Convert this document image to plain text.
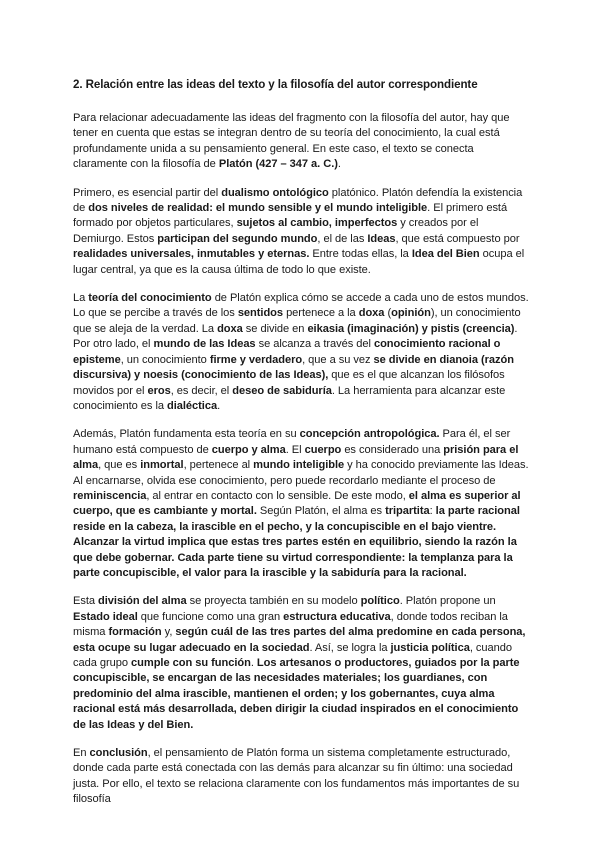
2. Relación entre las ideas del texto y la filosofía del autor correspondiente

Para relacionar adecuadamente las ideas del fragmento con la filosofía del autor, hay que tener en cuenta que estas se integran dentro de su teoría del conocimiento, la cual está profundamente unida a su pensamiento general. En este caso, el texto se conecta claramente con la filosofía de Platón (427 – 347 a. C.).

Primero, es esencial partir del dualismo ontológico platónico. Platón defendía la existencia de dos niveles de realidad: el mundo sensible y el mundo inteligible. El primero está formado por objetos particulares, sujetos al cambio, imperfectos y creados por el Demiurgo. Estos participan del segundo mundo, el de las Ideas, que está compuesto por realidades universales, inmutables y eternas. Entre todas ellas, la Idea del Bien ocupa el lugar central, ya que es la causa última de todo lo que existe.

La teoría del conocimiento de Platón explica cómo se accede a cada uno de estos mundos. Lo que se percibe a través de los sentidos pertenece a la doxa (opinión), un conocimiento que se aleja de la verdad. La doxa se divide en eikasia (imaginación) y pistis (creencia). Por otro lado, el mundo de las Ideas se alcanza a través del conocimiento racional o episteme, un conocimiento firme y verdadero, que a su vez se divide en dianoia (razón discursiva) y noesis (conocimiento de las Ideas), que es el que alcanzan los filósofos movidos por el eros, es decir, el deseo de sabiduría. La herramienta para alcanzar este conocimiento es la dialéctica.

Además, Platón fundamenta esta teoría en su concepción antropológica. Para él, el ser humano está compuesto de cuerpo y alma. El cuerpo es considerado una prisión para el alma, que es inmortal, pertenece al mundo inteligible y ha conocido previamente las Ideas. Al encarnarse, olvida ese conocimiento, pero puede recordarlo mediante el proceso de reminiscencia, al entrar en contacto con lo sensible. De este modo, el alma es superior al cuerpo, que es cambiante y mortal. Según Platón, el alma es tripartita: la parte racional reside en la cabeza, la irascible en el pecho, y la concupiscible en el bajo vientre. Alcanzar la virtud implica que estas tres partes estén en equilibrio, siendo la razón la que debe gobernar. Cada parte tiene su virtud correspondiente: la templanza para la parte concupiscible, el valor para la irascible y la sabiduría para la racional.

Esta división del alma se proyecta también en su modelo político. Platón propone un Estado ideal que funcione como una gran estructura educativa, donde todos reciban la misma formación y, según cuál de las tres partes del alma predomine en cada persona, esta ocupe su lugar adecuado en la sociedad. Así, se logra la justicia política, cuando cada grupo cumple con su función. Los artesanos o productores, guiados por la parte concupiscible, se encargan de las necesidades materiales; los guardianes, con predominio del alma irascible, mantienen el orden; y los gobernantes, cuya alma racional está más desarrollada, deben dirigir la ciudad inspirados en el conocimiento de las Ideas y del Bien.

En conclusión, el pensamiento de Platón forma un sistema completamente estructurado, donde cada parte está conectada con las demás para alcanzar su fin último: una sociedad justa. Por ello, el texto se relaciona claramente con los fundamentos más importantes de su filosofía
